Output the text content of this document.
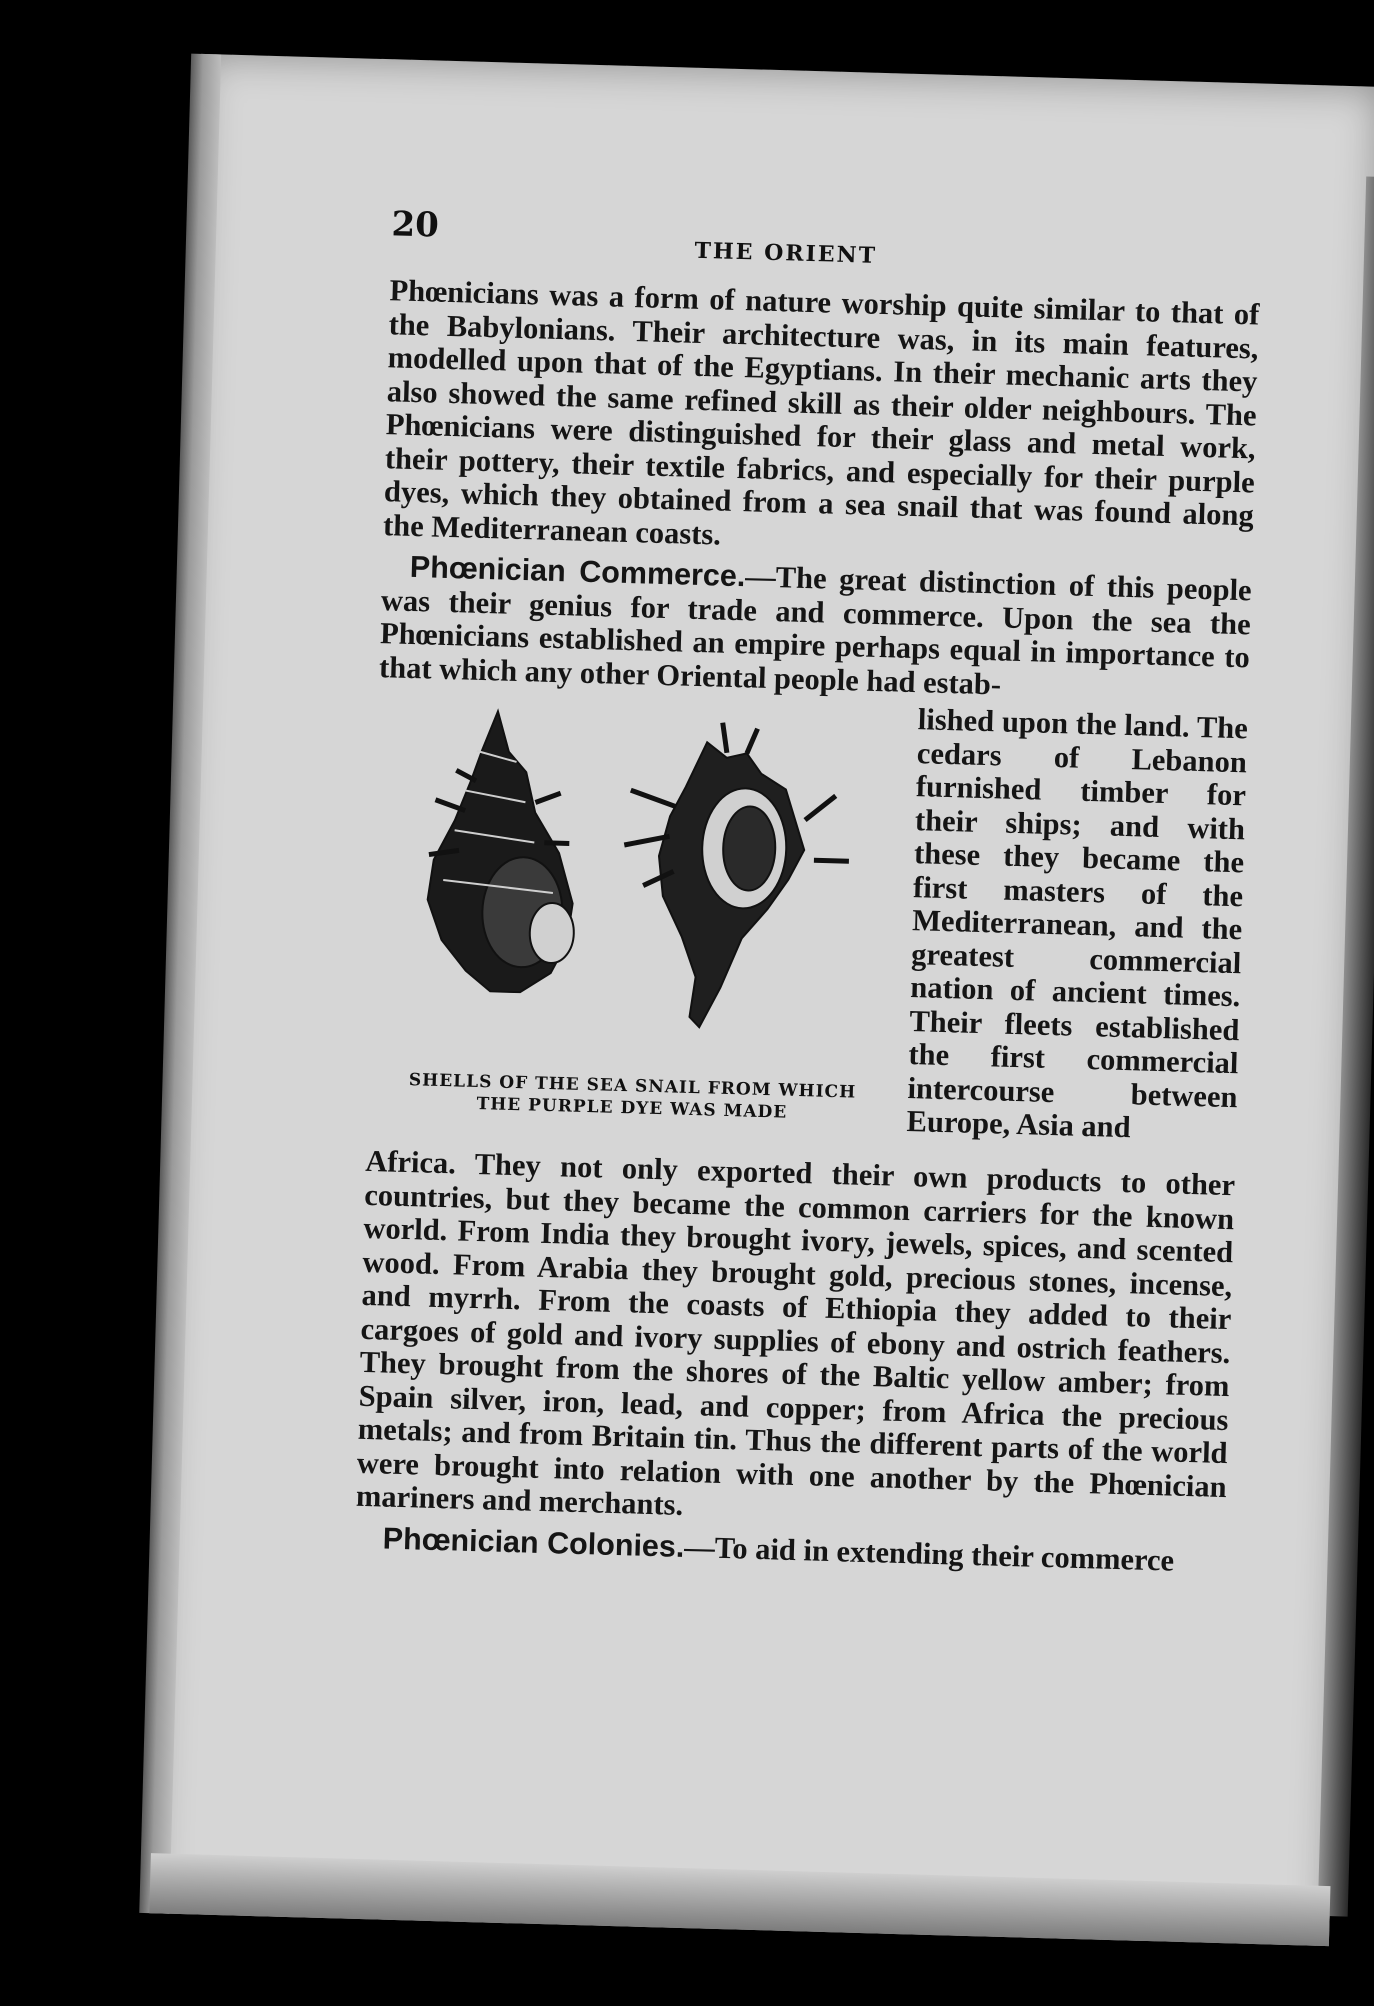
20
THE ORIENT

Phœnicians was a form of nature worship quite similar to that of the Babylonians. Their architecture was, in its main features, modelled upon that of the Egyptians. In their mechanic arts they also showed the same refined skill as their older neighbours. The Phœnicians were distinguished for their glass and metal work, their pottery, their textile fabrics, and especially for their purple dyes, which they obtained from a sea snail that was found along the Mediterranean coasts.

Phœnician Commerce.—The great distinction of this people was their genius for trade and commerce. Upon the sea the Phœnicians established an empire perhaps equal in importance to that which any other Oriental people had estab-

SHELLS OF THE SEA SNAIL FROM WHICH
THE PURPLE DYE WAS MADE
lished upon the land. The cedars of Lebanon furnished timber for their ships; and with these they became the first masters of the Mediterranean, and the greatest commercial nation of ancient times. Their fleets established the first commercial intercourse between Europe, Asia and

Africa. They not only exported their own products to other countries, but they became the common carriers for the known world. From India they brought ivory, jewels, spices, and scented wood. From Arabia they brought gold, precious stones, incense, and myrrh. From the coasts of Ethiopia they added to their cargoes of gold and ivory supplies of ebony and ostrich feathers. They brought from the shores of the Baltic yellow amber; from Spain silver, iron, lead, and copper; from Africa the precious metals; and from Britain tin. Thus the different parts of the world were brought into relation with one another by the Phœnician mariners and merchants.

Phœnician Colonies.—To aid in extending their commerce
